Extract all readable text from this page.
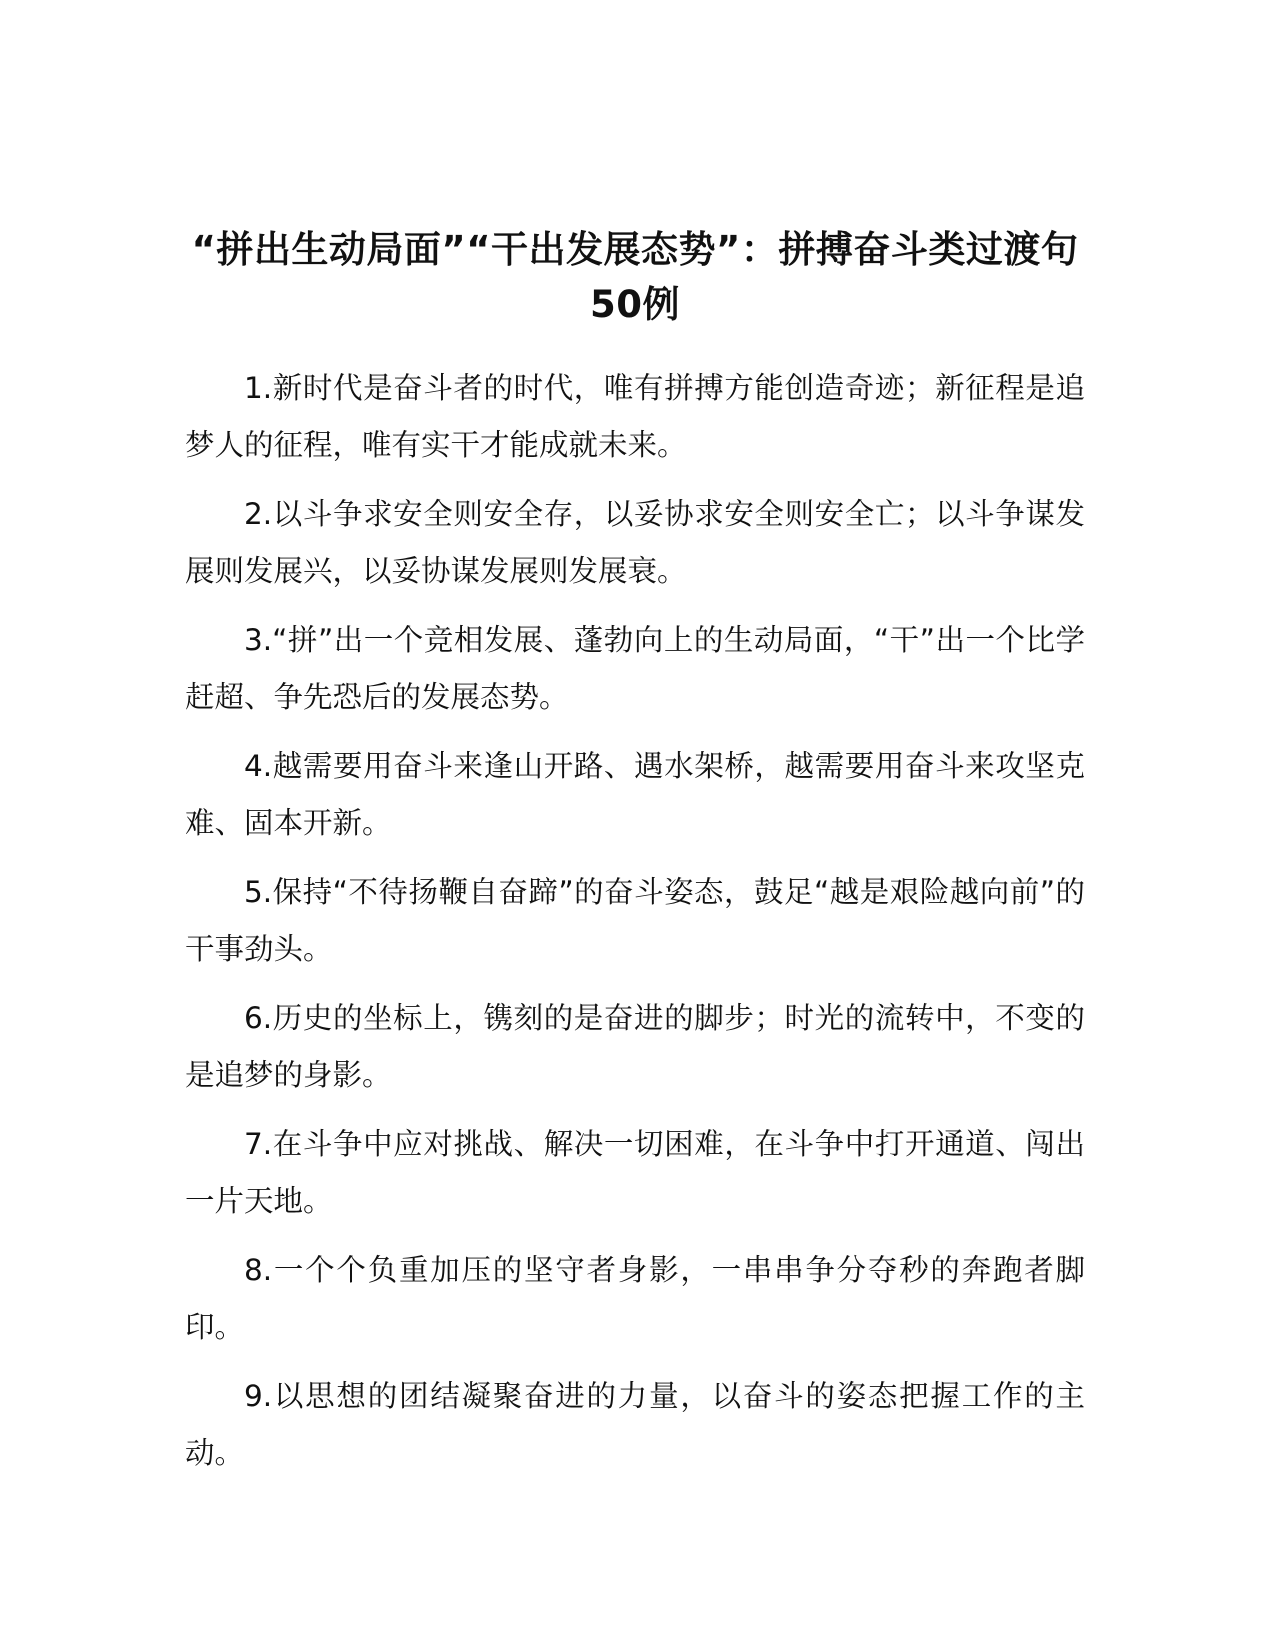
“拼出生动局面”“干出发展态势”：拼搏奋斗类过渡句50例

1.新时代是奋斗者的时代，唯有拼搏方能创造奇迹；新征程是追梦人的征程，唯有实干才能成就未来。

2.以斗争求安全则安全存，以妥协求安全则安全亡；以斗争谋发展则发展兴，以妥协谋发展则发展衰。

3.“拼”出一个竞相发展、蓬勃向上的生动局面，“干”出一个比学赶超、争先恐后的发展态势。

4.越需要用奋斗来逢山开路、遇水架桥，越需要用奋斗来攻坚克难、固本开新。

5.保持“不待扬鞭自奋蹄”的奋斗姿态，鼓足“越是艰险越向前”的干事劲头。

6.历史的坐标上，镌刻的是奋进的脚步；时光的流转中，不变的是追梦的身影。

7.在斗争中应对挑战、解决一切困难，在斗争中打开通道、闯出一片天地。

8.一个个负重加压的坚守者身影，一串串争分夺秒的奔跑者脚印。

9.以思想的团结凝聚奋进的力量，以奋斗的姿态把握工作的主动。
